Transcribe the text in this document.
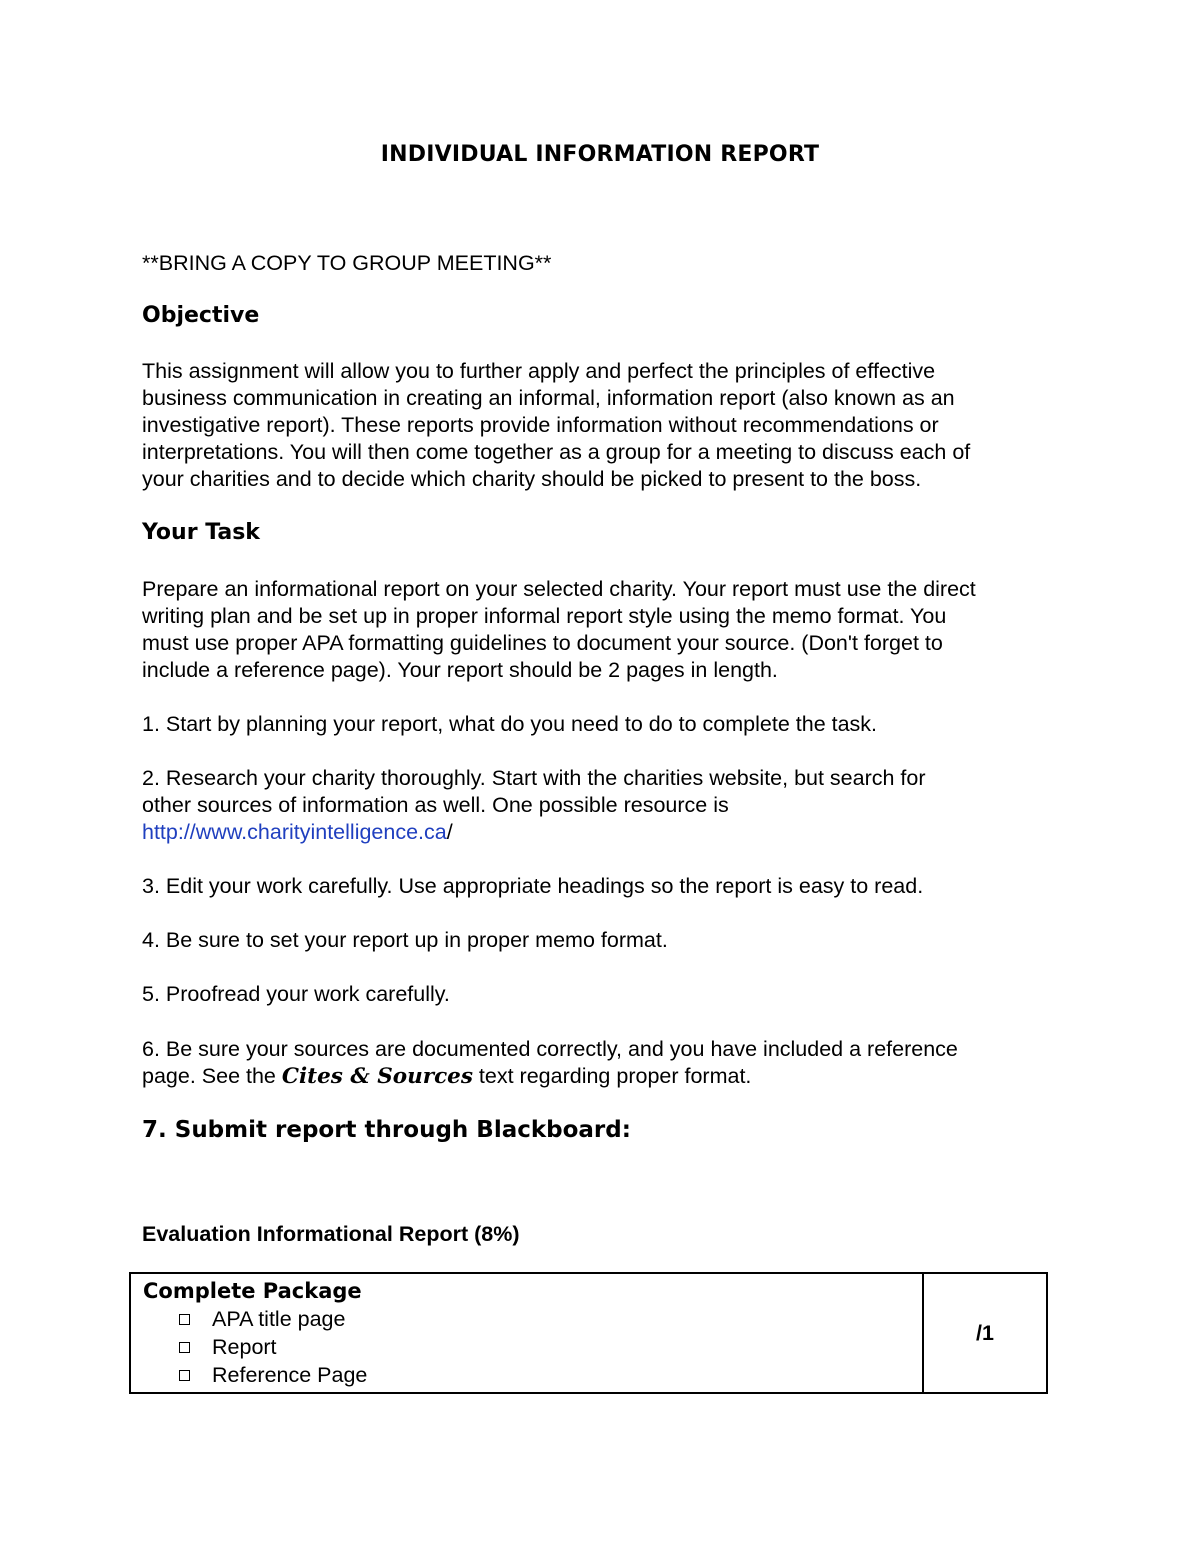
INDIVIDUAL INFORMATION REPORT
**BRING A COPY TO GROUP MEETING**
Objective
This assignment will allow you to further apply and perfect the principles of effective
business communication in creating an informal, information report (also known as an
investigative report). These reports provide information without recommendations or
interpretations. You will then come together as a group for a meeting to discuss each of
your charities and to decide which charity should be picked to present to the boss.
Your Task
Prepare an informational report on your selected charity. Your report must use the direct
writing plan and be set up in proper informal report style using the memo format. You
must use proper APA formatting guidelines to document your source. (Don't forget to
include a reference page). Your report should be 2 pages in length.
1. Start by planning your report, what do you need to do to complete the task.
2. Research your charity thoroughly. Start with the charities website, but search for
other sources of information as well. One possible resource is
http://www.charityintelligence.ca/
3. Edit your work carefully. Use appropriate headings so the report is easy to read.
4. Be sure to set your report up in proper memo format.
5. Proofread your work carefully.
6. Be sure your sources are documented correctly, and you have included a reference
page. See the Cites & Sources text regarding proper format.
7. Submit report through Blackboard:
Evaluation Informational Report (8%)
Complete Package
APA title page
Report
Reference Page
	/1
